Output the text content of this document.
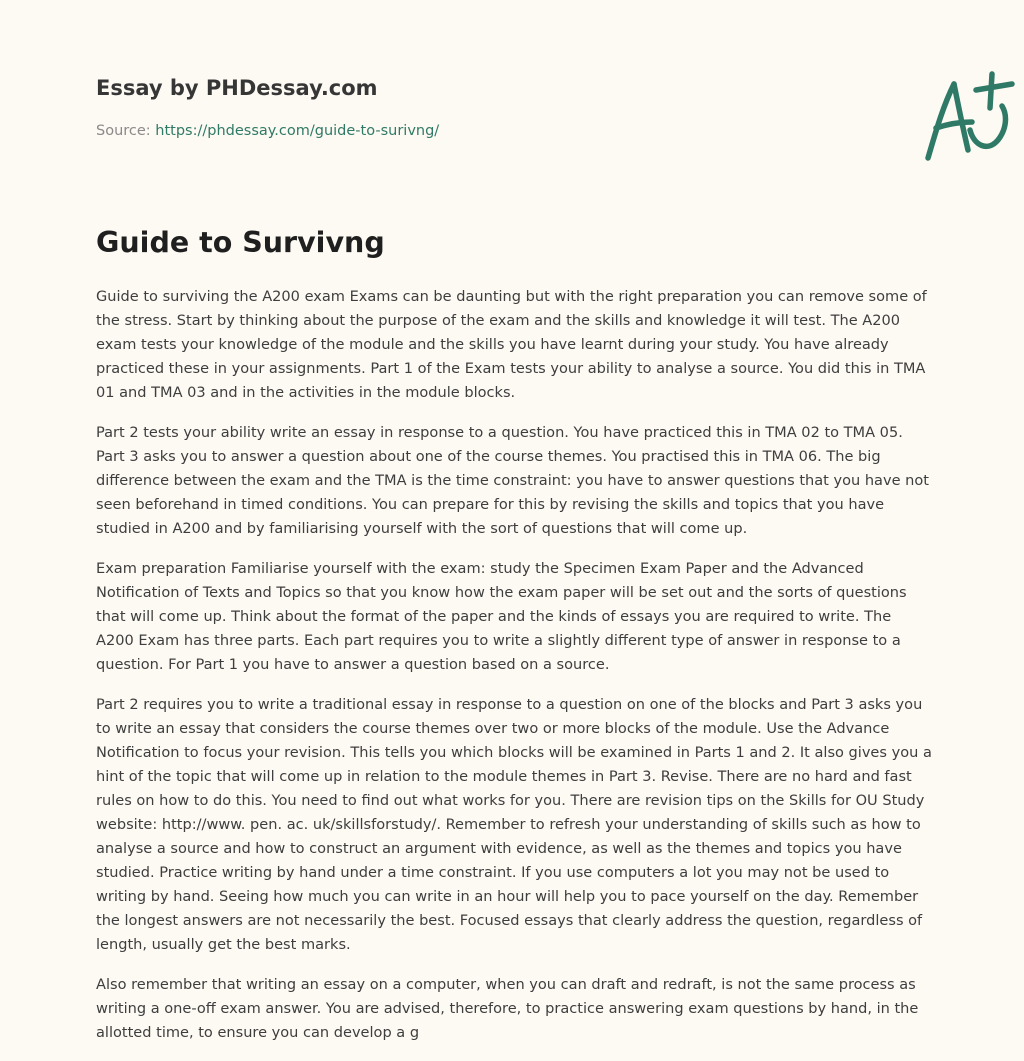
Essay by PHDessay.com
Source: https://phdessay.com/guide-to-surivng/
Guide to Survivng

Guide to surviving the A200 exam Exams can be daunting but with the right preparation you can remove some of the stress. Start by thinking about the purpose of the exam and the skills and knowledge it will test. The A200 exam tests your knowledge of the module and the skills you have learnt during your study. You have already practiced these in your assignments. Part 1 of the Exam tests your ability to analyse a source. You did this in TMA 01 and TMA 03 and in the activities in the module blocks.

Part 2 tests your ability write an essay in response to a question. You have practiced this in TMA 02 to TMA 05. Part 3 asks you to answer a question about one of the course themes. You practised this in TMA 06. The big difference between the exam and the TMA is the time constraint: you have to answer questions that you have not seen beforehand in timed conditions. You can prepare for this by revising the skills and topics that you have studied in A200 and by familiarising yourself with the sort of questions that will come up.

Exam preparation Familiarise yourself with the exam: study the Specimen Exam Paper and the Advanced Notification of Texts and Topics so that you know how the exam paper will be set out and the sorts of questions that will come up. Think about the format of the paper and the kinds of essays you are required to write. The A200 Exam has three parts. Each part requires you to write a slightly different type of answer in response to a question. For Part 1 you have to answer a question based on a source.

Part 2 requires you to write a traditional essay in response to a question on one of the blocks and Part 3 asks you to write an essay that considers the course themes over two or more blocks of the module. Use the Advance Notification to focus your revision. This tells you which blocks will be examined in Parts 1 and 2. It also gives you a hint of the topic that will come up in relation to the module themes in Part 3. Revise. There are no hard and fast rules on how to do this. You need to find out what works for you. There are revision tips on the Skills for OU Study website: http://www. pen. ac. uk/skillsforstudy/. Remember to refresh your understanding of skills such as how to analyse a source and how to construct an argument with evidence, as well as the themes and topics you have studied. Practice writing by hand under a time constraint. If you use computers a lot you may not be used to writing by hand. Seeing how much you can write in an hour will help you to pace yourself on the day. Remember the longest answers are not necessarily the best. Focused essays that clearly address the question, regardless of length, usually get the best marks.

Also remember that writing an essay on a computer, when you can draft and redraft, is not the same process as writing a one-off exam answer. You are advised, therefore, to practice answering exam questions by hand, in the allotted time, to ensure you can develop a g
